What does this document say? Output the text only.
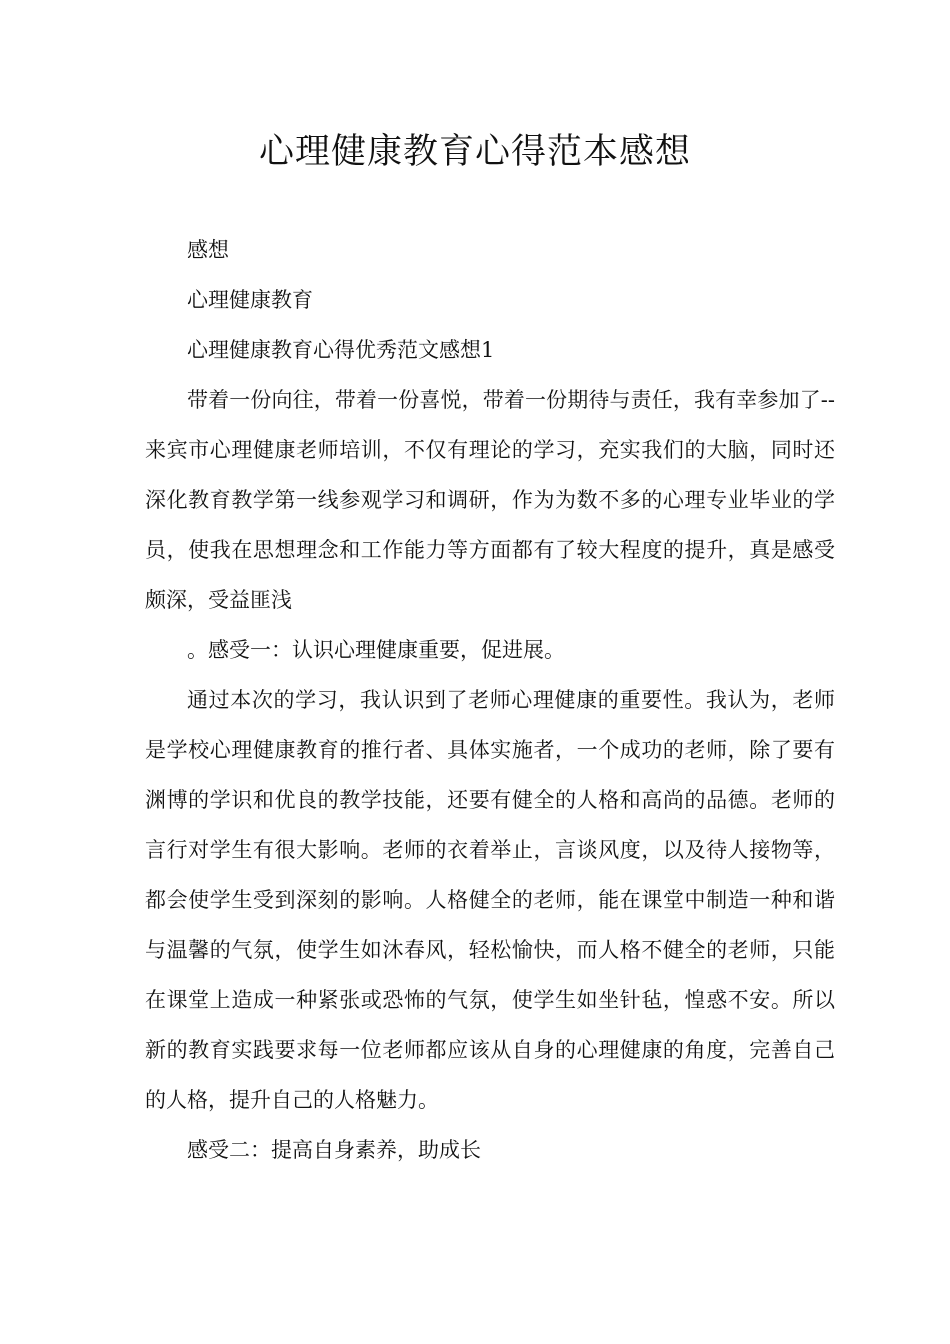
心理健康教育心得范本感想

感想

心理健康教育

心理健康教育心得优秀范文感想1

带着一份向往，带着一份喜悦，带着一份期待与责任，我有幸参加了--来宾市心理健康老师培训，不仅有理论的学习，充实我们的大脑，同时还深化教育教学第一线参观学习和调研，作为为数不多的心理专业毕业的学员，使我在思想理念和工作能力等方面都有了较大程度的提升，真是感受颇深，受益匪浅

。感受一：认识心理健康重要，促进展。

通过本次的学习，我认识到了老师心理健康的重要性。我认为，老师是学校心理健康教育的推行者、具体实施者，一个成功的老师，除了要有渊博的学识和优良的教学技能，还要有健全的人格和高尚的品德。老师的言行对学生有很大影响。老师的衣着举止，言谈风度，以及待人接物等，都会使学生受到深刻的影响。人格健全的老师，能在课堂中制造一种和谐与温馨的气氛，使学生如沐春风，轻松愉快，而人格不健全的老师，只能在课堂上造成一种紧张或恐怖的气氛，使学生如坐针毡，惶惑不安。所以新的教育实践要求每一位老师都应该从自身的心理健康的角度，完善自己的人格，提升自己的人格魅力。

感受二：提高自身素养，助成长
